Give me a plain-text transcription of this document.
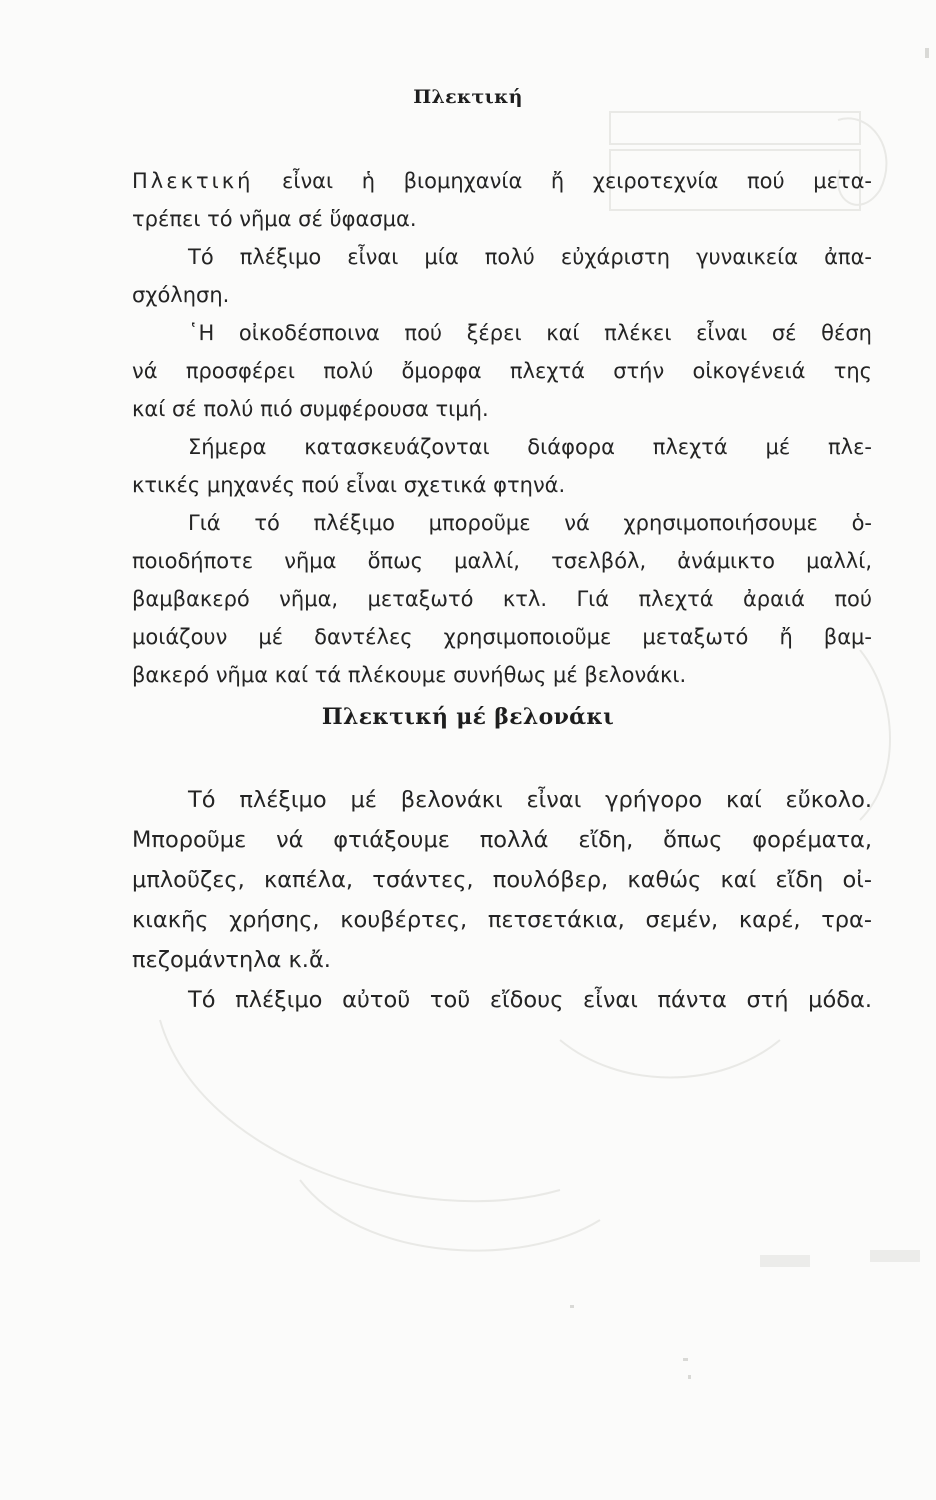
Πλεκτική
Πλεκτική εἶναι ἡ βιομηχανία ἤ χειροτεχνία πού μετα-
τρέπει τό νῆμα σέ ὕφασμα.
Τό πλέξιμο εἶναι μία πολύ εὐχάριστη γυναικεία ἀπα-
σχόληση.
῾Η οἰκοδέσποινα πού ξέρει καί πλέκει εἶναι σέ θέση
νά προσφέρει πολύ ὄμορφα πλεχτά στήν οἰκογένειά της
καί σέ πολύ πιό συμφέρουσα τιμή.
Σήμερα κατασκευάζονται διάφορα πλεχτά μέ πλε-
κτικές μηχανές πού εἶναι σχετικά φτηνά.
Γιά τό πλέξιμο μποροῦμε νά χρησιμοποιήσουμε ὁ-
ποιοδήποτε νῆμα ὅπως μαλλί, τσελβόλ, ἀνάμικτο μαλλί,
βαμβακερό νῆμα, μεταξωτό κτλ. Γιά πλεχτά ἀραιά πού
μοιάζουν μέ δαντέλες χρησιμοποιοῦμε μεταξωτό ἤ βαμ-
βακερό νῆμα καί τά πλέκουμε συνήθως μέ βελονάκι.
Πλεκτική μέ βελονάκι
Τό πλέξιμο μέ βελονάκι εἶναι γρήγορο καί εὔκολο.
Μποροῦμε νά φτιάξουμε πολλά εἴδη, ὅπως φορέματα,
μπλοῦζες, καπέλα, τσάντες, πουλόβερ, καθώς καί εἴδη οἰ-
κιακῆς χρήσης, κουβέρτες, πετσετάκια, σεμέν, καρέ, τρα-
πεζομάντηλα κ.ἄ.
Τό πλέξιμο αὐτοῦ τοῦ εἴδους εἶναι πάντα στή μόδα.
